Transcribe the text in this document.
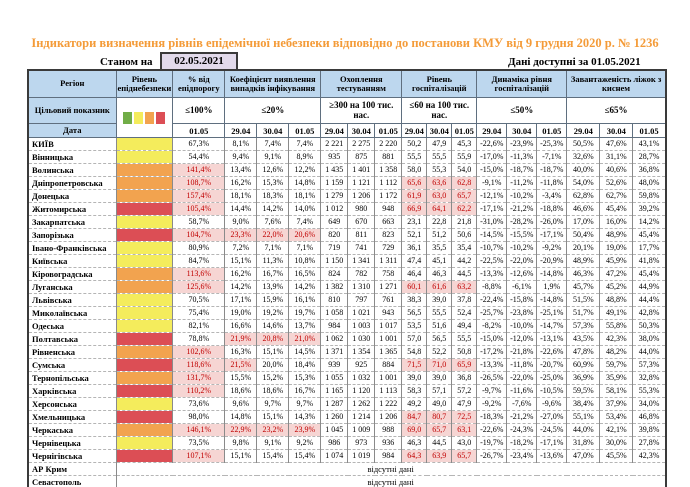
Індикатори визначення рівнів епідемічної небезпеки відповідно до постанови КМУ від 9 грудня 2020 р. № 1236
Станом на	02.05.2021	Дані доступні за 01.05.2021
Регіон	Рівень епіднебезпеки	% від епідпорогу	Коефіцієнт виявлення випадків інфікування			Охоплення тестуванням			Рівень госпіталізацій			Динаміка рівня госпіталізацій			Завантаженість ліжок з киснем		
Цільовий показник		≤100%	≤20%			≥300 на 100 тис. нас.			≤60 на 100 тис. нас.			≤50%			≤65%		
Дата		01.05	29.04	30.04	01.05	29.04	30.04	01.05	29.04	30.04	01.05	29.04	30.04	01.05	29.04	30.04	01.05
КИЇВ		67,3%	8,1%	7,4%	7,4%	2 221	2 275	2 220	50,2	47,9	45,3	-22,6%	-23,9%	-25,3%	50,5%	47,6%	43,1%
Вінницька		54,4%	9,4%	9,1%	8,9%	935	875	881	55,5	55,5	55,9	-17,0%	-11,3%	-7,1%	32,6%	31,1%	28,7%
Волинська		141,4%	13,4%	12,6%	12,2%	1 435	1 401	1 358	58,0	55,3	54,0	-15,0%	-18,7%	-18,7%	40,0%	40,6%	36,8%
Дніпропетровська		108,7%	16,2%	15,3%	14,8%	1 159	1 121	1 112	65,6	63,6	62,8	-9,1%	-11,2%	-11,8%	54,0%	52,6%	48,0%
Донецька		157,4%	18,1%	18,3%	18,1%	1 279	1 206	1 172	61,9	63,0	65,7	-12,1%	-10,2%	-3,4%	62,8%	62,7%	59,8%
Житомирська		105,4%	14,4%	14,2%	14,0%	1 012	980	948	66,9	64,1	62,2	-17,1%	-21,2%	-18,8%	46,6%	45,4%	39,2%
Закарпатська		58,7%	9,0%	7,6%	7,4%	649	670	663	23,1	22,8	21,8	-31,0%	-28,2%	-26,0%	17,0%	16,0%	14,2%
Запорізька		104,7%	23,3%	22,0%	20,6%	820	811	823	52,1	51,2	50,6	-14,5%	-15,5%	-17,1%	50,4%	48,9%	45,4%
Івано-Франківська		80,9%	7,2%	7,1%	7,1%	719	741	729	36,1	35,5	35,4	-10,7%	-10,2%	-9,2%	20,1%	19,0%	17,7%
Київська		84,7%	15,1%	11,3%	10,8%	1 150	1 341	1 311	47,4	45,1	44,2	-22,5%	-22,0%	-20,9%	48,9%	45,9%	41,8%
Кіровоградська		113,6%	16,2%	16,7%	16,5%	824	782	758	46,4	46,3	44,5	-13,3%	-12,6%	-14,8%	46,3%	47,2%	45,4%
Луганська		125,6%	14,2%	13,9%	14,2%	1 382	1 310	1 271	60,1	61,6	63,2	-8,8%	-6,1%	1,9%	45,7%	45,2%	44,9%
Львівська		70,5%	17,1%	15,9%	16,1%	810	797	761	38,3	39,0	37,8	-22,4%	-15,8%	-14,8%	51,5%	48,8%	44,4%
Миколаївська		75,4%	19,0%	19,2%	19,7%	1 058	1 021	943	56,5	55,5	52,4	-25,7%	-23,8%	-25,1%	51,7%	49,1%	42,8%
Одеська		82,1%	16,6%	14,6%	13,7%	984	1 003	1 017	53,5	51,6	49,4	-8,2%	-10,0%	-14,7%	57,3%	55,8%	50,3%
Полтавська		78,8%	21,9%	20,8%	21,0%	1 062	1 030	1 001	57,0	56,5	55,5	-15,0%	-12,0%	-13,1%	43,5%	42,3%	38,0%
Рівненська		102,6%	16,3%	15,1%	14,5%	1 371	1 354	1 365	54,8	52,2	50,8	-17,2%	-21,8%	-22,6%	47,8%	48,2%	44,0%
Сумська		118,6%	21,5%	20,0%	18,4%	939	925	884	71,5	71,0	65,9	-13,3%	-11,8%	-20,7%	60,9%	59,7%	57,3%
Тернопільська		131,7%	15,5%	15,2%	15,3%	1 055	1 032	1 001	39,0	39,0	36,8	-26,5%	-22,0%	-25,0%	36,9%	35,9%	32,8%
Харківська		110,2%	18,6%	18,6%	16,7%	1 165	1 120	1 113	58,3	57,1	57,2	-9,7%	-11,6%	-10,5%	59,5%	58,1%	55,3%
Херсонська		73,6%	9,6%	9,7%	9,7%	1 287	1 262	1 222	49,2	49,0	47,9	-9,2%	-7,6%	-9,6%	38,4%	37,9%	34,0%
Хмельницька		98,0%	14,8%	15,1%	14,3%	1 260	1 214	1 206	84,7	80,7	72,5	-18,3%	-21,2%	-27,0%	55,1%	53,4%	46,8%
Черкаська		146,1%	22,9%	23,2%	23,9%	1 045	1 009	988	69,0	65,7	63,1	-22,6%	-24,3%	-24,5%	44,0%	42,1%	39,8%
Чернівецька		73,5%	9,8%	9,1%	9,2%	986	973	936	46,3	44,5	43,0	-19,7%	-18,2%	-17,1%	31,8%	30,0%	27,8%
Чернігівська		107,1%	15,1%	15,4%	15,4%	1 074	1 019	984	64,3	63,9	65,7	-26,7%	-23,4%	-13,6%	47,0%	45,5%	42,3%
АР Крим	відсутні дані																
Севастополь	відсутні дані																
